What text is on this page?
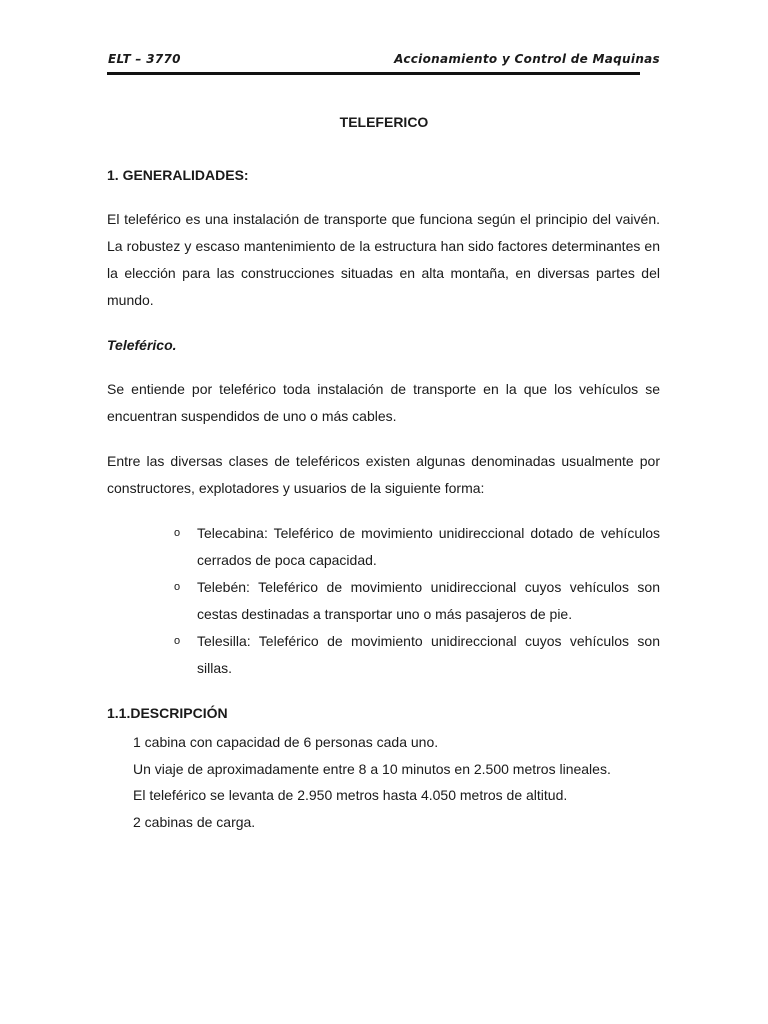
ELT – 3770	Accionamiento y Control de Maquinas
TELEFERICO
1. GENERALIDADES:
El teleférico es una instalación de transporte que funciona según el principio del vaivén. La robustez y escaso mantenimiento de la estructura han sido factores determinantes en la elección para las construcciones situadas en alta montaña, en diversas partes del mundo.
Teleférico.
Se entiende por teleférico toda instalación de transporte en la que los vehículos se encuentran suspendidos de uno o más cables.
Entre las diversas clases de teleféricos existen algunas denominadas usualmente por constructores, explotadores y usuarios de la siguiente forma:
o Telecabina: Teleférico de movimiento unidireccional dotado de vehículos cerrados de poca capacidad.
o Telebén: Teleférico de movimiento unidireccional cuyos vehículos son cestas destinadas a transportar uno o más pasajeros de pie.
o Telesilla: Teleférico de movimiento unidireccional cuyos vehículos son sillas.
1.1.DESCRIPCIÓN
1 cabina con capacidad de 6 personas cada uno.
Un viaje de aproximadamente entre 8 a 10 minutos en 2.500 metros lineales.
El teleférico se levanta de 2.950 metros hasta 4.050 metros de altitud.
2 cabinas de carga.
